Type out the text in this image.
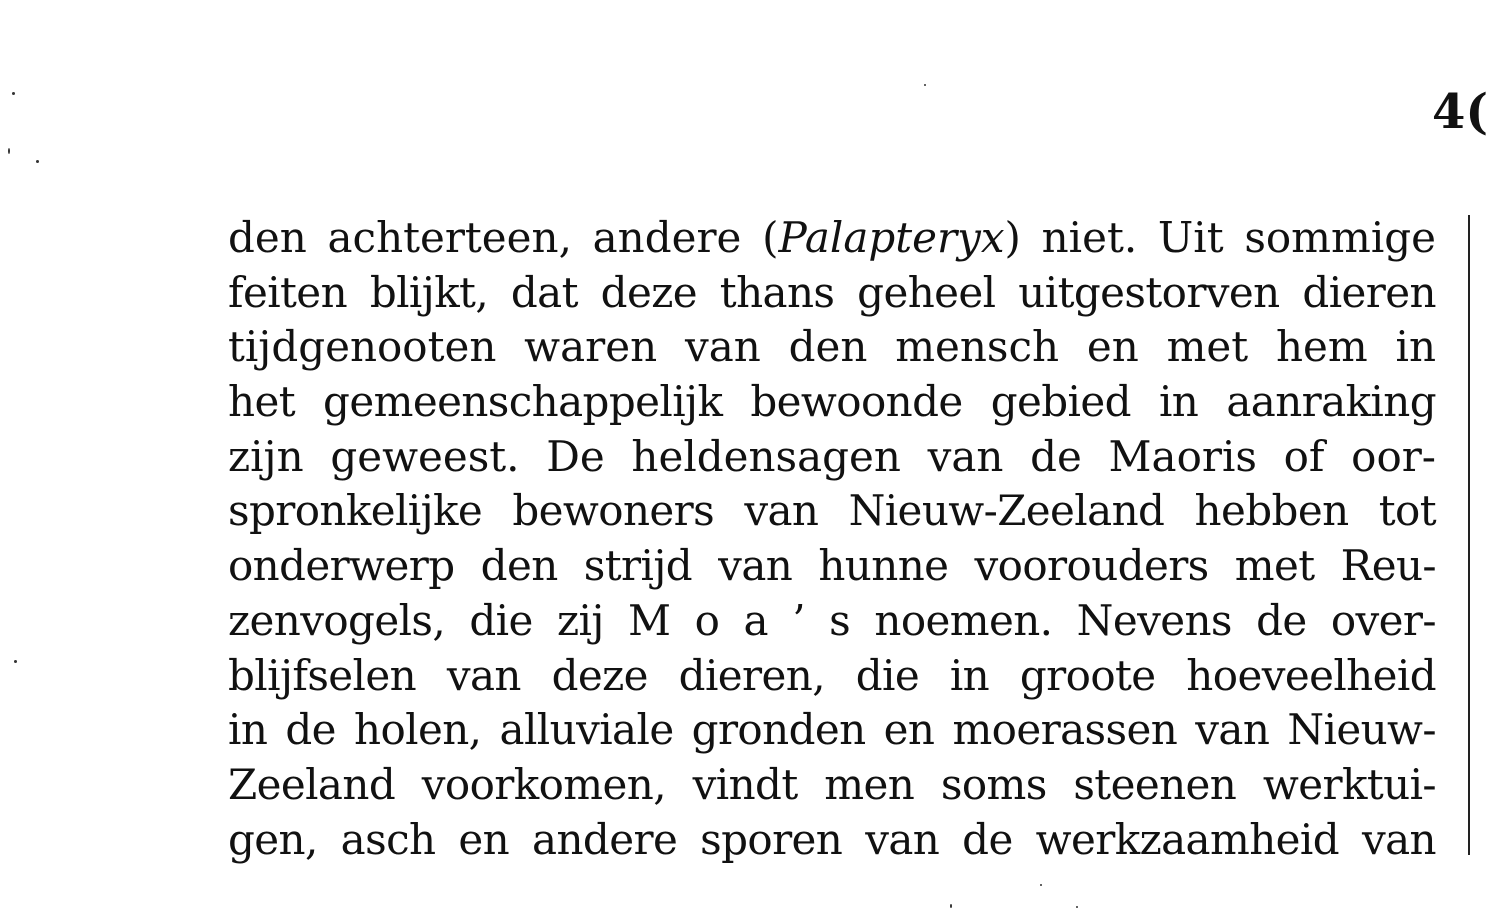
4(
den achterteen, andere (Palapteryx) niet. Uit sommige
feiten blijkt, dat deze thans geheel uitgestorven dieren
tijdgenooten waren van den mensch en met hem in
het gemeenschappelijk bewoonde gebied in aanraking
zijn geweest. De heldensagen van de Maoris of oor-
spronkelijke bewoners van Nieuw-Zeeland hebben tot
onderwerp den strijd van hunne voorouders met Reu-
zenvogels, die zij M o a ’ s noemen. Nevens de over-
blijfselen van deze dieren, die in groote hoeveelheid
in de holen, alluviale gronden en moerassen van Nieuw-
Zeeland voorkomen, vindt men soms steenen werktui-
gen, asch en andere sporen van de werkzaamheid van
